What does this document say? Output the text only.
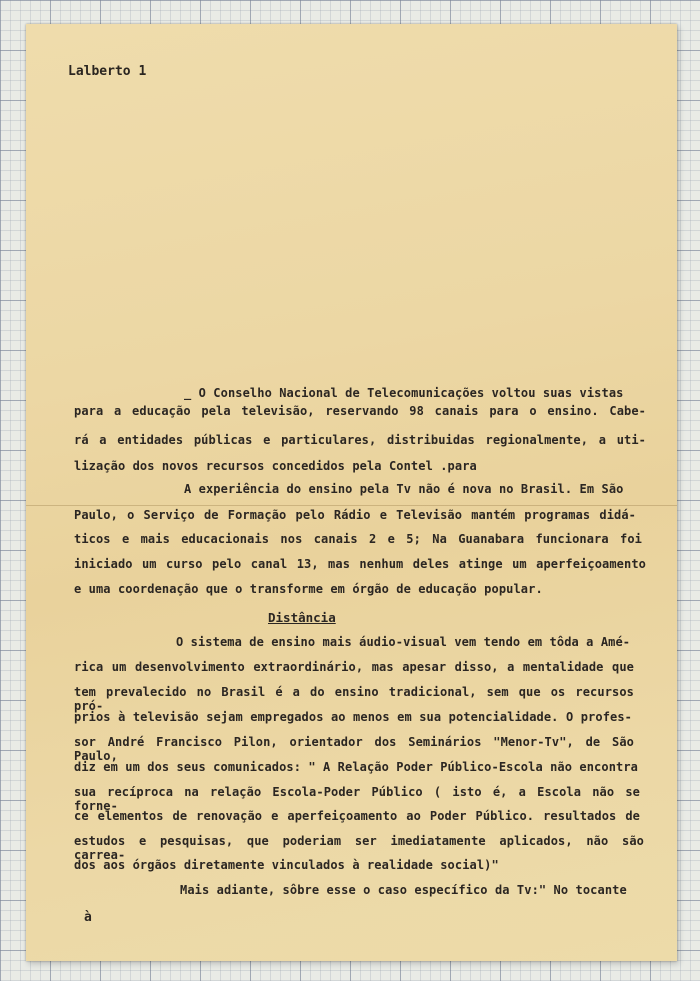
Lalberto 1
_ O Conselho Nacional de Telecomunicações voltou suas vistas
para a educação pela televisão, reservando 98 canais para o ensino. Cabe-
rá a entidades públicas e particulares, distribuidas regionalmente, a uti-
lização dos novos recursos concedidos pela Contel .para
A experiência do ensino pela Tv não é nova no Brasil. Em São
Paulo, o Serviço de Formação pelo Rádio e Televisão mantém programas didá-
ticos e mais educacionais nos canais 2 e 5; Na Guanabara funcionara foi
iniciado um curso pelo canal 13, mas nenhum deles atinge um aperfeiçoamento
e uma coordenação que o transforme em órgão de educação popular.
Distância
O sistema de ensino mais áudio-visual vem tendo em tôda a Amé-
rica um desenvolvimento extraordinário, mas apesar disso, a mentalidade que
tem prevalecido no Brasil é a do ensino tradicional, sem que os recursos pró-
prios à televisão sejam empregados ao menos em sua potencialidade. O profes-
sor André Francisco Pilon, orientador dos Seminários "Menor-Tv", de São Paulo,
diz em um dos seus comunicados: " A Relação Poder Público-Escola não encontra
sua recíproca na relação Escola-Poder Público ( isto é, a Escola não se forne-
ce elementos de renovação e aperfeiçoamento ao Poder Público. resultados de
estudos e pesquisas, que poderiam ser imediatamente aplicados, não são carrea-
dos aos órgãos diretamente vinculados à realidade social)"
Mais adiante, sôbre esse o caso específico da Tv:" No tocante
à
